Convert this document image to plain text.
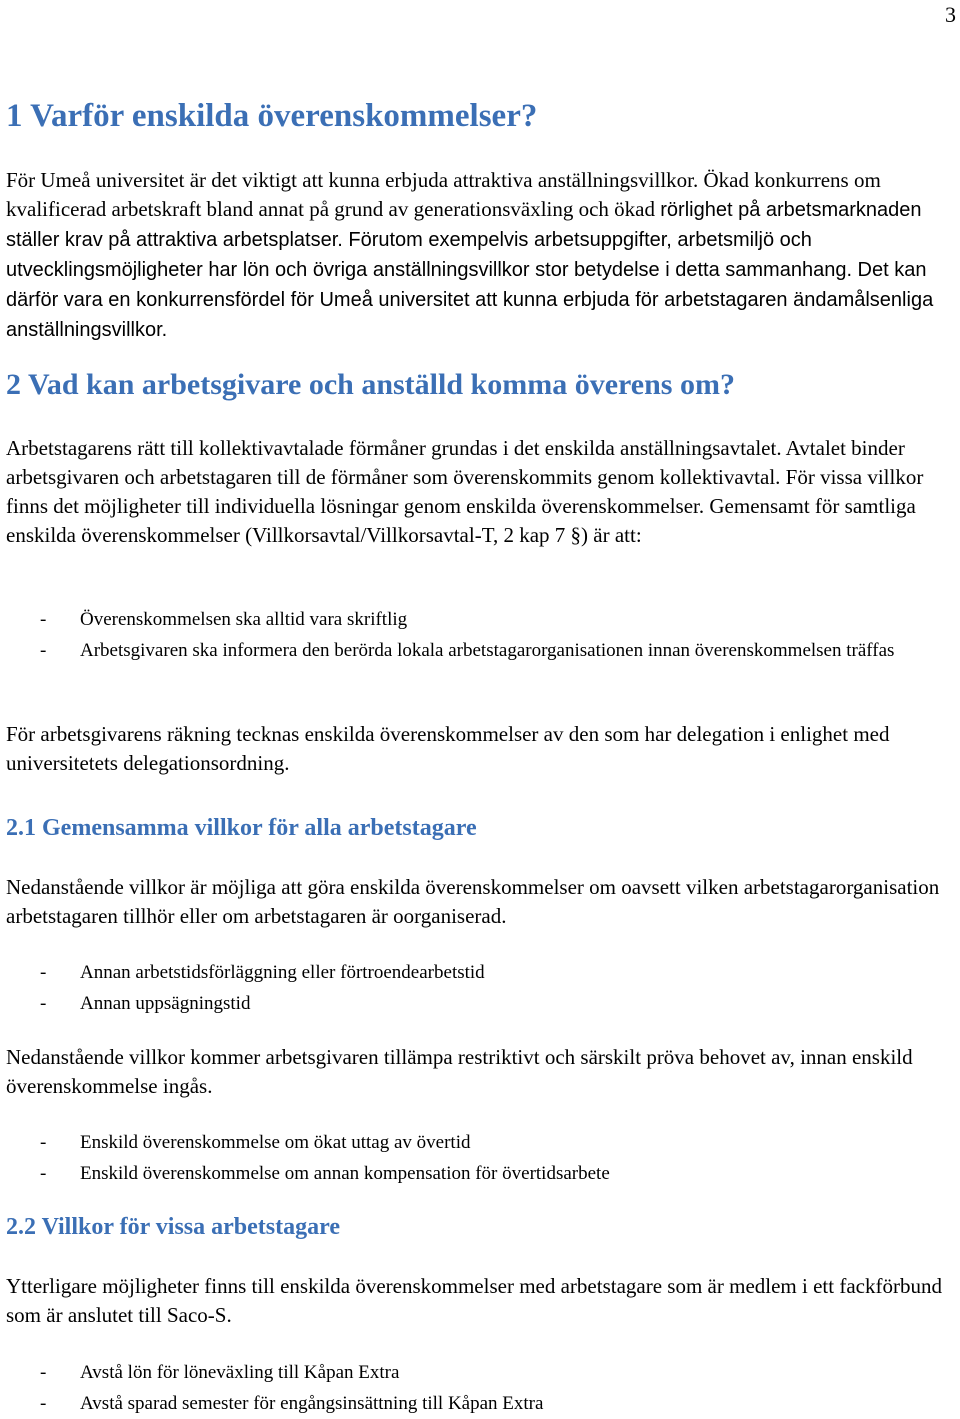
3
1 Varför enskilda överenskommelser?

För Umeå universitet är det viktigt att kunna erbjuda attraktiva anställningsvillkor. Ökad konkurrens om kvalificerad arbetskraft bland annat på grund av generationsväxling och ökad rörlighet på arbetsmarknaden ställer krav på attraktiva arbetsplatser. Förutom exempelvis arbetsuppgifter, arbetsmiljö och utvecklingsmöjligheter har lön och övriga anställningsvillkor stor betydelse i detta sammanhang. Det kan därför vara en konkurrensfördel för Umeå universitet att kunna erbjuda för arbetstagaren ändamålsenliga anställningsvillkor.

2 Vad kan arbetsgivare och anställd komma överens om?

Arbetstagarens rätt till kollektivavtalade förmåner grundas i det enskilda anställningsavtalet. Avtalet binder arbetsgivaren och arbetstagaren till de förmåner som överenskommits genom kollektivavtal. För vissa villkor finns det möjligheter till individuella lösningar genom enskilda överenskommelser. Gemensamt för samtliga enskilda överenskommelser (Villkorsavtal/Villkorsavtal-T, 2 kap 7 §) är att:

-	Överenskommelsen ska alltid vara skriftlig
-	Arbetsgivaren ska informera den berörda lokala arbetstagarorganisationen innan överenskommelsen träffas

För arbetsgivarens räkning tecknas enskilda överenskommelser av den som har delegation i enlighet med universitetets delegationsordning.

2.1 Gemensamma villkor för alla arbetstagare

Nedanstående villkor är möjliga att göra enskilda överenskommelser om oavsett vilken arbetstagarorganisation arbetstagaren tillhör eller om arbetstagaren är oorganiserad.

-	Annan arbetstidsförläggning eller förtroendearbetstid
-	Annan uppsägningstid

Nedanstående villkor kommer arbetsgivaren tillämpa restriktivt och särskilt pröva behovet av, innan enskild överenskommelse ingås.

-	Enskild överenskommelse om ökat uttag av övertid
-	Enskild överenskommelse om annan kompensation för övertidsarbete
2.2 Villkor för vissa arbetstagare

Ytterligare möjligheter finns till enskilda överenskommelser med arbetstagare som är medlem i ett fackförbund som är anslutet till Saco-S.

-	Avstå lön för löneväxling till Kåpan Extra
-	Avstå sparad semester för engångsinsättning till Kåpan Extra
